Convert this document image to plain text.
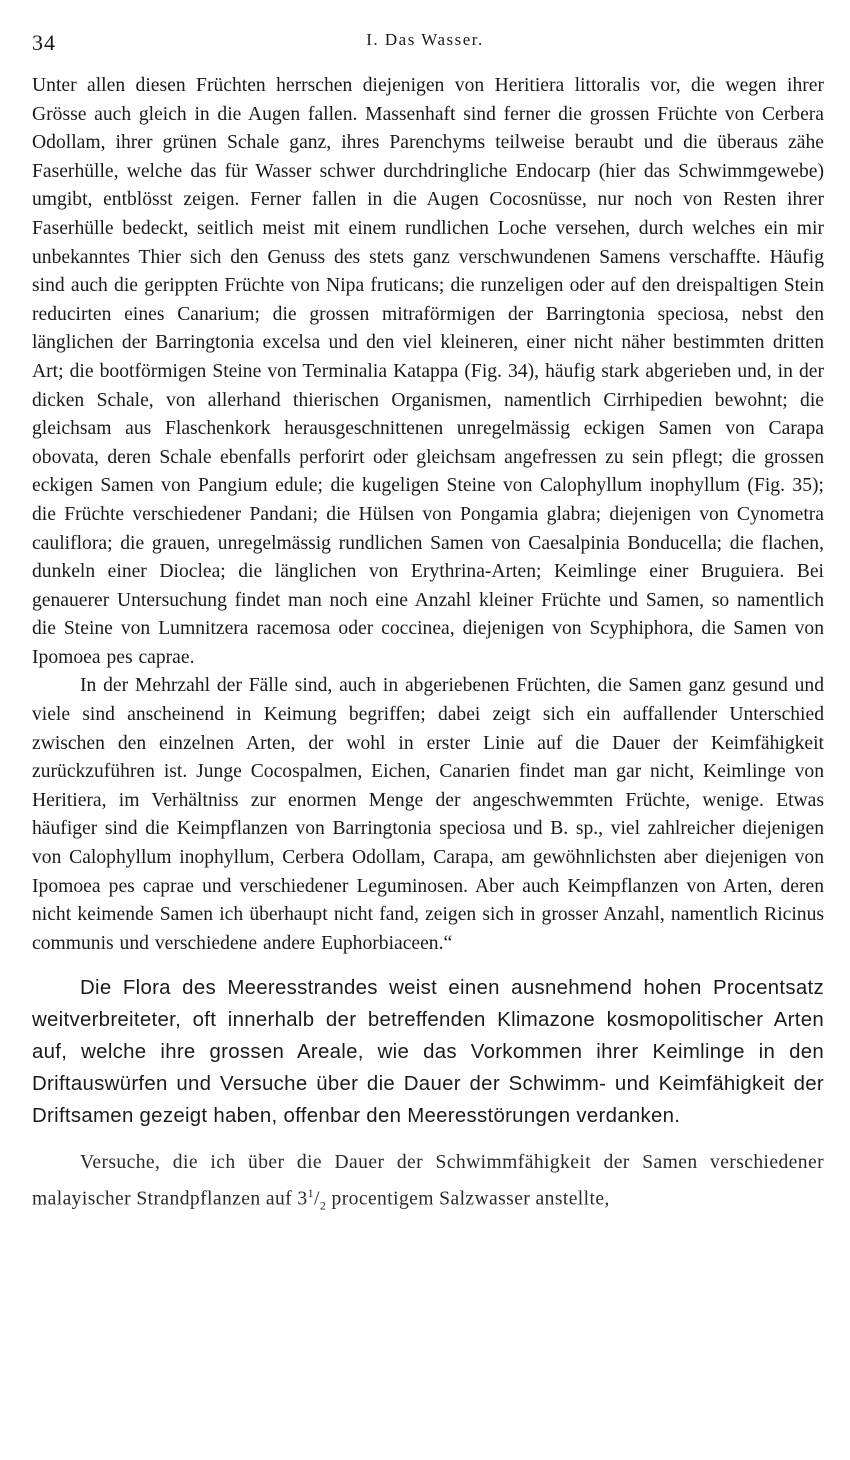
34	I. Das Wasser.

Unter allen diesen Früchten herrschen diejenigen von Heritiera littoralis vor, die wegen ihrer Grösse auch gleich in die Augen fallen. Massenhaft sind ferner die grossen Früchte von Cerbera Odollam, ihrer grünen Schale ganz, ihres Parenchyms teilweise beraubt und die überaus zähe Faserhülle, welche das für Wasser schwer durchdringliche Endocarp (hier das Schwimmgewebe) umgibt, entblösst zeigen. Ferner fallen in die Augen Cocosnüsse, nur noch von Resten ihrer Faserhülle bedeckt, seitlich meist mit einem rundlichen Loche versehen, durch welches ein mir unbekanntes Thier sich den Genuss des stets ganz verschwundenen Samens verschaffte. Häufig sind auch die gerippten Früchte von Nipa fruticans; die runzeligen oder auf den dreispaltigen Stein reducirten eines Canarium; die grossen mitraförmigen der Barringtonia speciosa, nebst den länglichen der Barringtonia excelsa und den viel kleineren, einer nicht näher bestimmten dritten Art; die bootförmigen Steine von Terminalia Katappa (Fig. 34), häufig stark abgerieben und, in der dicken Schale, von allerhand thierischen Organismen, namentlich Cirrhipedien bewohnt; die gleichsam aus Flaschenkork herausgeschnittenen unregelmässig eckigen Samen von Carapa obovata, deren Schale ebenfalls perforirt oder gleichsam angefressen zu sein pflegt; die grossen eckigen Samen von Pangium edule; die kugeligen Steine von Calophyllum inophyllum (Fig. 35); die Früchte verschiedener Pandani; die Hülsen von Pongamia glabra; diejenigen von Cynometra cauliflora; die grauen, unregelmässig rundlichen Samen von Caesalpinia Bonducella; die flachen, dunkeln einer Dioclea; die länglichen von Erythrina-Arten; Keimlinge einer Bruguiera. Bei genauerer Untersuchung findet man noch eine Anzahl kleiner Früchte und Samen, so namentlich die Steine von Lumnitzera racemosa oder coccinea, diejenigen von Scyphiphora, die Samen von Ipomoea pes caprae.

In der Mehrzahl der Fälle sind, auch in abgeriebenen Früchten, die Samen ganz gesund und viele sind anscheinend in Keimung begriffen; dabei zeigt sich ein auffallender Unterschied zwischen den einzelnen Arten, der wohl in erster Linie auf die Dauer der Keimfähigkeit zurückzuführen ist. Junge Cocospalmen, Eichen, Canarien findet man gar nicht, Keimlinge von Heritiera, im Verhältniss zur enormen Menge der angeschwemmten Früchte, wenige. Etwas häufiger sind die Keimpflanzen von Barringtonia speciosa und B. sp., viel zahlreicher diejenigen von Calophyllum inophyllum, Cerbera Odollam, Carapa, am gewöhnlichsten aber diejenigen von Ipomoea pes caprae und verschiedener Leguminosen. Aber auch Keimpflanzen von Arten, deren nicht keimende Samen ich überhaupt nicht fand, zeigen sich in grosser Anzahl, namentlich Ricinus communis und verschiedene andere Euphorbiaceen.“

Die Flora des Meeresstrandes weist einen ausnehmend hohen Procentsatz weitverbreiteter, oft innerhalb der betreffenden Klimazone kosmopolitischer Arten auf, welche ihre grossen Areale, wie das Vorkommen ihrer Keimlinge in den Driftauswürfen und Versuche über die Dauer der Schwimm- und Keimfähigkeit der Driftsamen gezeigt haben, offenbar den Meeresstörungen verdanken.

Versuche, die ich über die Dauer der Schwimmfähigkeit der Samen verschiedener malayischer Strandpflanzen auf $3^1/_2$ procentigem Salzwasser anstellte,
